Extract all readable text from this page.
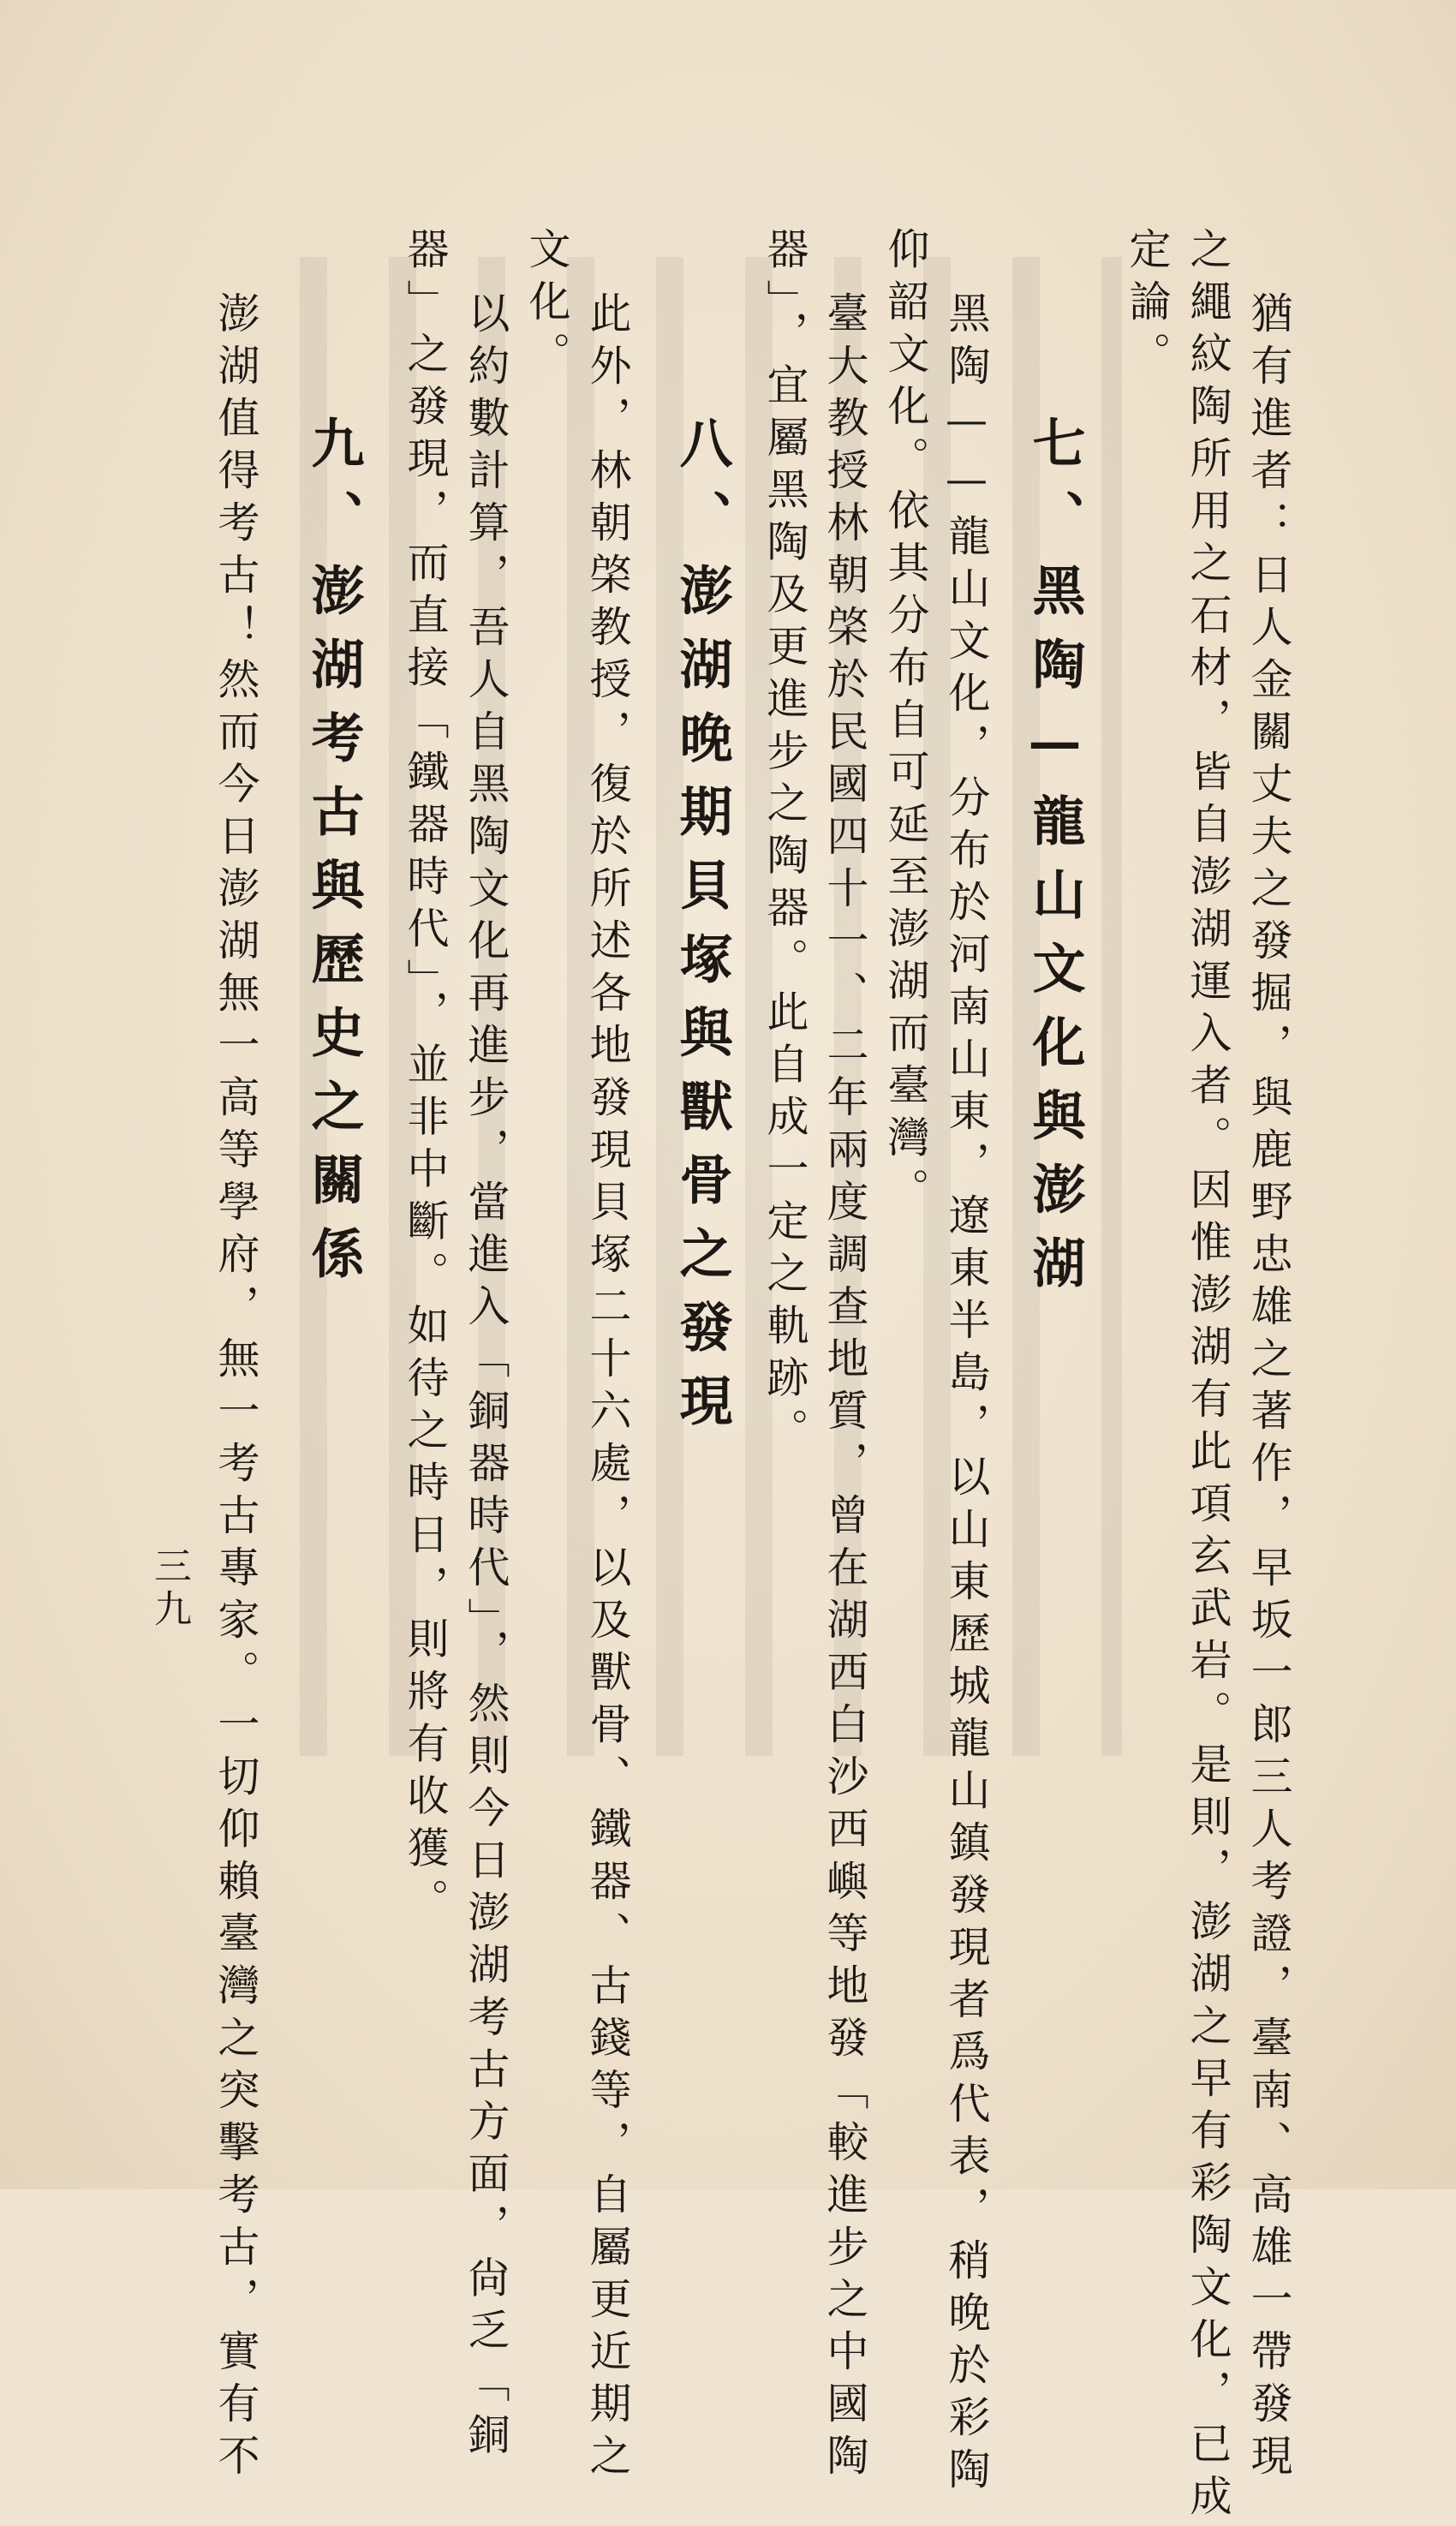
猶有進者：日人金關丈夫之發掘，與鹿野忠雄之著作，早坂一郎三人考證，臺南、高雄一帶發現
之繩紋陶所用之石材，皆自澎湖運入者。因惟澎湖有此項玄武岩。是則，澎湖之早有彩陶文化，已成
定論。
七、黑陶—龍山文化與澎湖
黑陶——龍山文化，分布於河南山東，遼東半島，以山東歷城龍山鎮發現者爲代表，稍晚於彩陶
仰韶文化。依其分布自可延至澎湖而臺灣。
臺大教授林朝棨於民國四十一、二年兩度調查地質，曾在湖西白沙西嶼等地發「較進步之中國陶
器」，宜屬黑陶及更進步之陶器。此自成一定之軌跡。
八、澎湖晚期貝塚與獸骨之發現
此外，林朝棨教授，復於所述各地發現貝塚二十六處，以及獸骨、鐵器、古錢等，自屬更近期之
文化。
以約數計算，吾人自黑陶文化再進步，當進入「銅器時代」，然則今日澎湖考古方面，尙乏「銅
器」之發現，而直接「鐵器時代」，並非中斷。如待之時日，則將有收獲。
九、澎湖考古與歷史之關係
澎湖值得考古！然而今日澎湖無一高等學府，無一考古專家。一切仰賴臺灣之突擊考古，實有不
三九
